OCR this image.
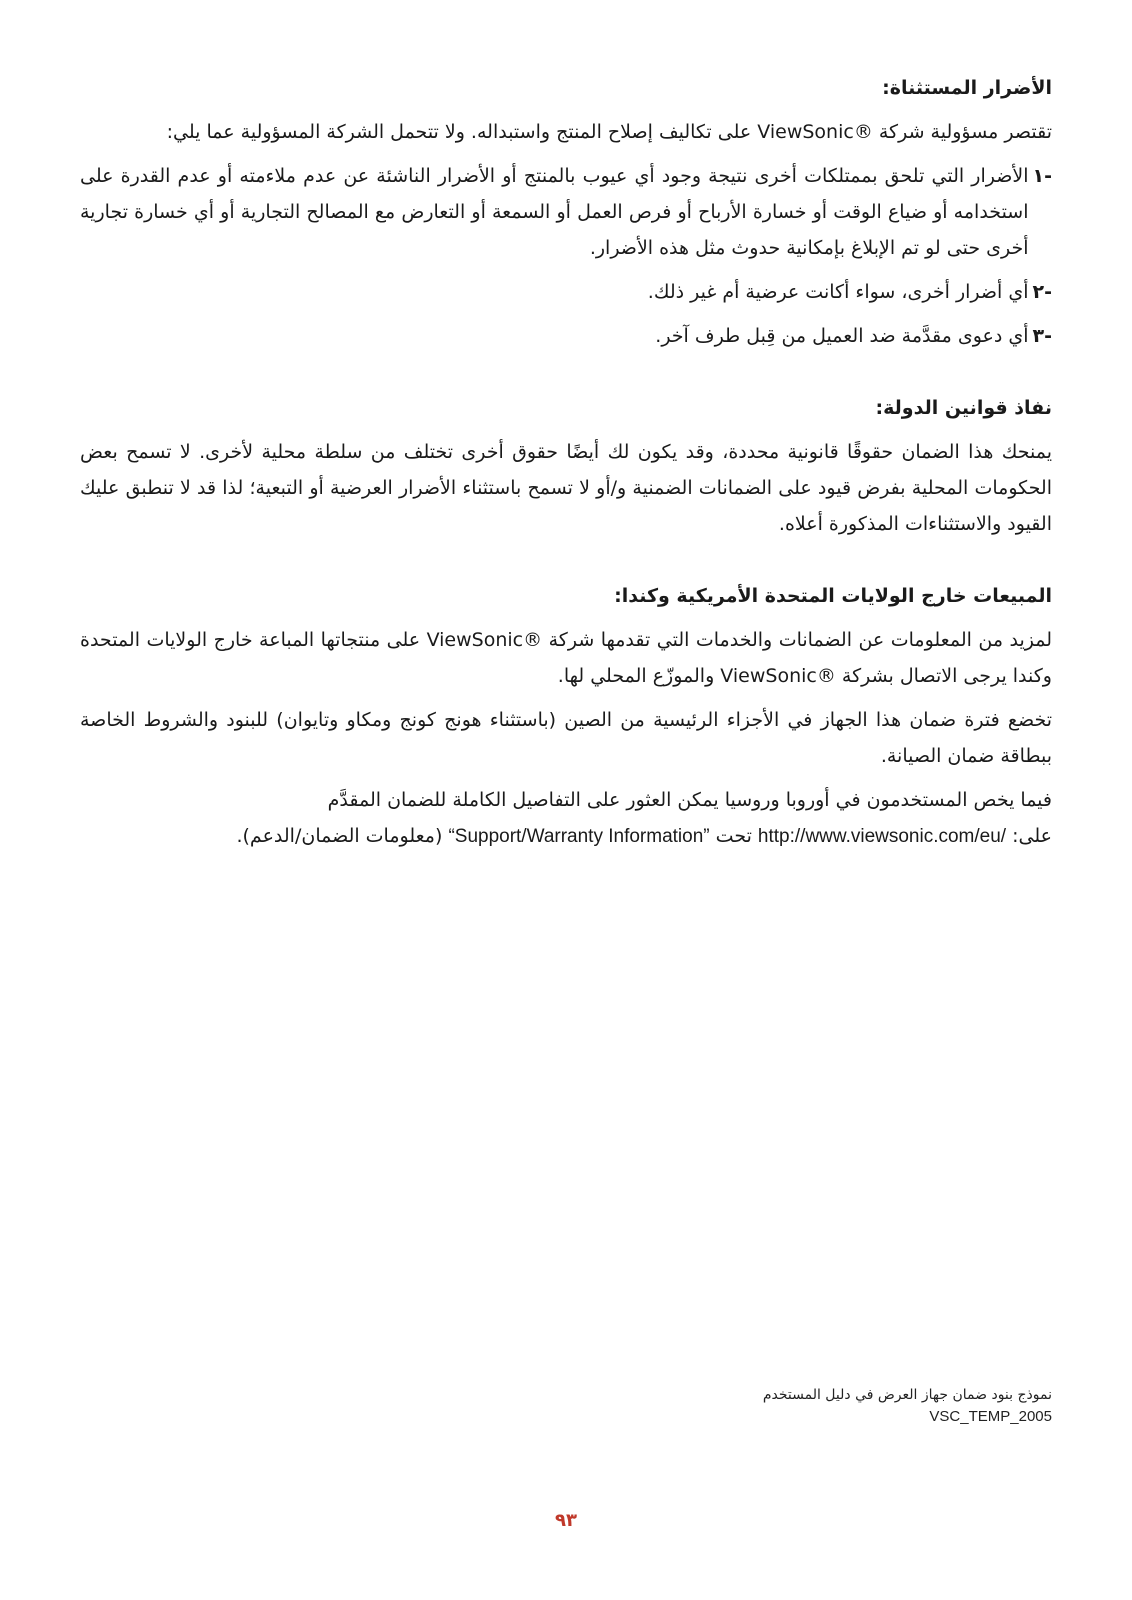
الأضرار المستثناة:

تقتصر مسؤولية شركة ®ViewSonic على تكاليف إصلاح المنتج واستبداله. ولا تتحمل الشركة المسؤولية عما يلي:

-١
الأضرار التي تلحق بممتلكات أخرى نتيجة وجود أي عيوب بالمنتج أو الأضرار الناشئة عن عدم ملاءمته أو عدم القدرة على استخدامه أو ضياع الوقت أو خسارة الأرباح أو فرص العمل أو السمعة أو التعارض مع المصالح التجارية أو أي خسارة تجارية أخرى حتى لو تم الإبلاغ بإمكانية حدوث مثل هذه الأضرار.
-٢
أي أضرار أخرى، سواء أكانت عرضية أم غير ذلك.
-٣
أي دعوى مقدَّمة ضد العميل من قِبل طرف آخر.
نفاذ قوانين الدولة:

يمنحك هذا الضمان حقوقًا قانونية محددة، وقد يكون لك أيضًا حقوق أخرى تختلف من سلطة محلية لأخرى. لا تسمح بعض الحكومات المحلية بفرض قيود على الضمانات الضمنية و/أو لا تسمح باستثناء الأضرار العرضية أو التبعية؛ لذا قد لا تنطبق عليك القيود والاستثناءات المذكورة أعلاه.

المبيعات خارج الولايات المتحدة الأمريكية وكندا:

لمزيد من المعلومات عن الضمانات والخدمات التي تقدمها شركة ®ViewSonic على منتجاتها المباعة خارج الولايات المتحدة وكندا يرجى الاتصال بشركة ®ViewSonic والموزّع المحلي لها.

تخضع فترة ضمان هذا الجهاز في الأجزاء الرئيسية من الصين (باستثناء هونج كونج ومكاو وتايوان) للبنود والشروط الخاصة ببطاقة ضمان الصيانة.

فيما يخص المستخدمون في أوروبا وروسيا يمكن العثور على التفاصيل الكاملة للضمان المقدَّم
على: http://www.viewsonic.com/eu/ تحت “Support/Warranty Information” (معلومات الضمان/الدعم).

نموذج بنود ضمان جهاز العرض في دليل المستخدم
VSC_TEMP_2005
٩٣
